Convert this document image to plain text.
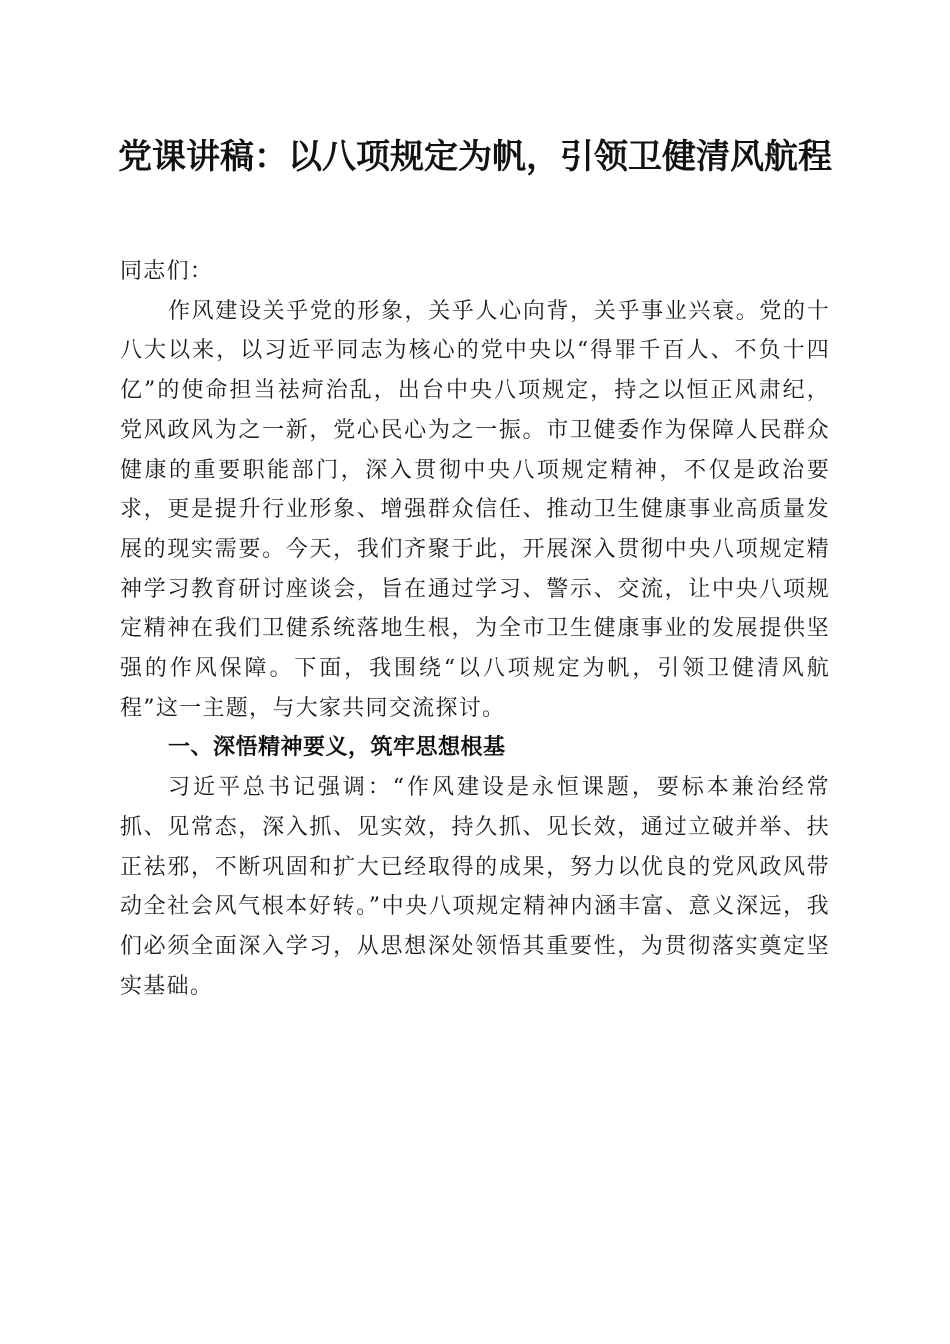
党课讲稿：以八项规定为帆，引领卫健清风航程

同志们：

作风建设关乎党的形象，关乎人心向背，关乎事业兴衰。党的十八大以来，以习近平同志为核心的党中央以“得罪千百人、不负十四亿”的使命担当祛疴治乱，出台中央八项规定，持之以恒正风肃纪，党风政风为之一新，党心民心为之一振。市卫健委作为保障人民群众健康的重要职能部门，深入贯彻中央八项规定精神，不仅是政治要求，更是提升行业形象、增强群众信任、推动卫生健康事业高质量发展的现实需要。今天，我们齐聚于此，开展深入贯彻中央八项规定精神学习教育研讨座谈会，旨在通过学习、警示、交流，让中央八项规定精神在我们卫健系统落地生根，为全市卫生健康事业的发展提供坚强的作风保障。下面，我围绕“以八项规定为帆，引领卫健清风航程”这一主题，与大家共同交流探讨。

一、深悟精神要义，筑牢思想根基

习近平总书记强调：“作风建设是永恒课题，要标本兼治经常抓、见常态，深入抓、见实效，持久抓、见长效，通过立破并举、扶正祛邪，不断巩固和扩大已经取得的成果，努力以优良的党风政风带动全社会风气根本好转。”中央八项规定精神内涵丰富、意义深远，我们必须全面深入学习，从思想深处领悟其重要性，为贯彻落实奠定坚实基础。
